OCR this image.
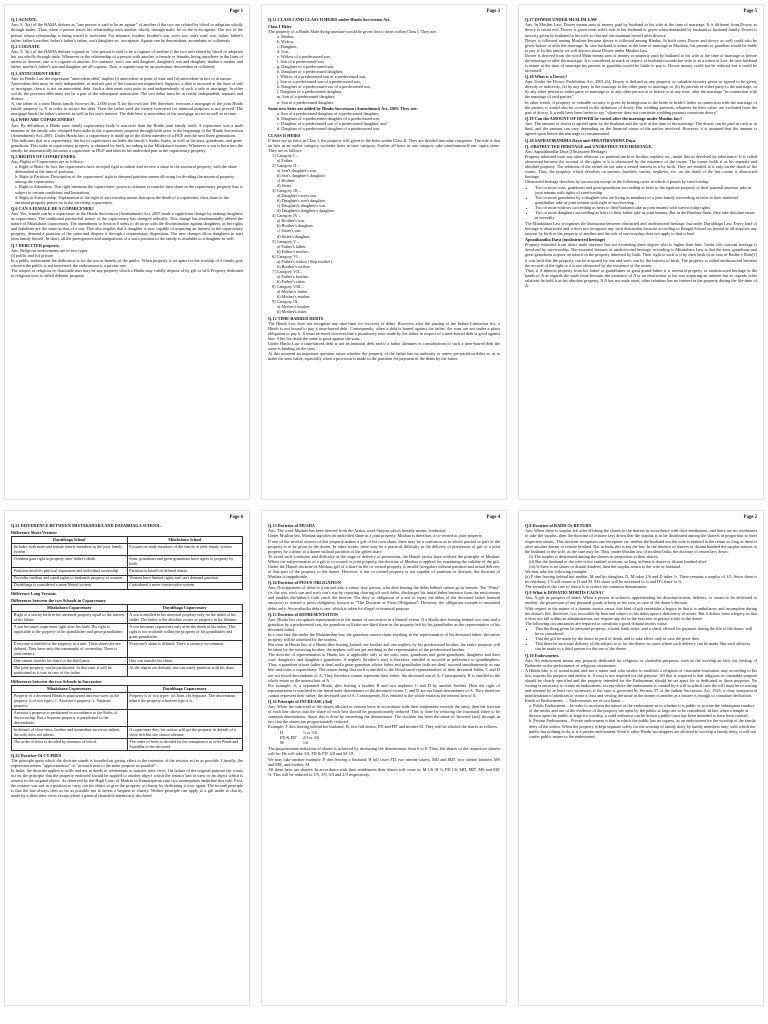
Page 1
Q.1 AGNATE.
Ans: S. 3(a) of the HAMA defines as "one person is said to be an agnate" of another if the two are related by blood or adoption wholly through males. Thus, when a person traces his relationship with another wholly through male, he or she is an agnate. The sex of the person whose relationship is being traced is irrelevant. For instance, brother, brother's son, son's son, son's sons' son, father, father's father, father's mother, father's father's father, son's daughter etc. are agnate. Agnate can be descendants, ascendants or collaterals.
Q.2 COGNATE
Ans: S. 3(c) of the HAMA defines cognate as "one person is said to be a cognate of another if the two are related by blood or adoption but not wholly through male. Whenever in the relationship of a person with another, a female or females living anywhere in the lines of ascent or descent, one is a cognate to another. For instance, son's son and daughter, daughter's son and daughter, mother's mother and father, mother's father's son and daughter are all cognate. Thus, a cognate may be an ascendant, descendant or collateral.
Q.3 ANTECEDENT DEBT
Ans: In Hindu Law the expression "antecedent debt" implies (i) antecedent in point of time and (ii) antecedent in fact or in nature.
Antecedent debt must be truly independent, of and not part of the transaction impeached. Suppose, a debt is incurred at the time of sale or mortgage, then it is not an antecedent debt. Such a debt must exist prior to and independently of such a sale or mortgage. In other words, the previous debt must not be a part of the subsequent transaction. The two debts must be in reality independent, separate and distinct.
A, the father of a joint Hindu family borrows Rs. 2,000 from X for his own use. He, therefore, executes a mortgage of the joint Hindu family property to X in order to secure the debt. Then the father sued the money borrowed for immoral purposes is not proved. The mortgage binds the father's interest as well as his son's interest. The debt here is antecedent of the mortgage in fact as well as in time.
Q.4 WHO ARE COPARCENERS?
Ans: By definition, a Hindu joint family coparcenary body is narrower than the Hindu joint family itself. A coparcener was a male member of the family who obtained their stake in the coparcenary property through birth prior to the beginning of the Hindu Succession (Amendment) Act, 2005. Under Hindu law, a coparcenary is made up of the oldest member of a HUF and the next three generations.
This indicates that in a coparcenary, the list of coparceners includes the family's leader, Karta, as well as his sons, grandsons, and great-grandsons. This stake in coparcenary property is obtained by birth, according to the Mitakshara system. Whenever a son is born into the family, he automatically becomes a coparcener in HUF and inherits his undivided part in the coparcenary property.
Q.5 RIGHTS OF COPARCENERS.
Ans: Rights of Coparceners are as follows:
a. Right to Share: In fact, the coparceners have an equal right to inherit and receive a share in the ancestral property, with the share determined at the time of partition.
b. Right to Partition: Description of the coparceners' right to demand partition means allowing for dividing the ancestral property among the coparceners.
c. Right to Alienation: This right mentions the coparceners' power to alienate or transfer their share in the coparcenary property that is subject to certain conditions and limitations.
d. Right to Survivorship: Explanation of the right of survivorship means that upon the death of a coparcener, their share in the ancestral property passes on to the surviving coparceners.
Q.6 CAN A FEMALE BE A COPARCENER?
Ans: Yes, female can be a coparcener as the Hindu Succession (Amendment) Act, 2005 made a significant change by making daughters as coparceners. The traditional patriarchal nature of the coparcenary has changed radically. This change has fundamentally altered the nature of Mitakshara coparcenary. The amendment to Section 6 seeks to do away with the discrimination against daughters, as her rights and liabilities are the same as that of a son. This also implies that a daughter is now capable of acquiring an interest in the coparcenary property, demand a partition of the same and dispose it through a testamentary disposition. The new changes allow daughters to start joint family herself. In short, all the prerogatives and antiquations of a son's position in the family is available to a daughter as well.
Q.7 DEBUTTER property.
Ans: Religious endowments are of two types:
(i) public and (ii) private.
In a public endowment the dedication is for the use or benefit of the public. When property is set apart for the worship of a family god, wherein the public is not interested, the endowment is a private one.
The subject of religious or charitable user may be any property which a Hindu may validly dispose of by gift or will. Property dedicated to religious uses is called debutter property.
Page 3
Q.11 CLASS I AND CLASS II HEIRS under Hindu Succession Act.
Class I Heirs
The property of a Hindu Male dying intestate would be given first to heirs within Class I. They are:
a. Mother,
b. Widow,
c. Daughter,
d. Son,
e. Widow of a predeceased son,
f. Son of a predeceased son,
g. Daughter of a predeceased son,
h. Daughter of a predeceased daughter,
i. Widow of a predeceased son of a predeceased son,
j. Son of a predeceased son of a predeceased son,
k. Daughter of a predeceased son of a predeceased son,
l. Daughter of a predeceased daughter,
m. Son of a predeceased daughter,
n. Son of a predeceased daughter.
Some new heirs are added by Hindu Succession (Amendment) Act, 2005. They are:
a. Son of a predeceased daughter of a predeceased daughter,
b. Daughter of a predeceased daughter of a predeceased son,
c. Daughter of a predeceased son of a predeceased daughter, and
d. Daughter of a predeceased daughter of a predeceased son.
CLASS II HEIRS
If there are no heirs in Class I, the property will given to the heirs within Class II. They are divided into nine categories. The rule is that an heir in an earlier category excludes heirs in later category. Further all heirs in one category take simultaneously per capita share. They are as follows:
1] Category I –
a) Father.
2] Category II –
a) Son's daughter's son.
b) Son's daughter's daughter.
c) Brother.
d) Sister.
3] Category III –
a) Daughter's son's son.
b) Daughter's son's daughter.
c) Daughter's daughter's son.
d) Daughter's daughter's daughter.
4] Category IV –
a) Brother's son.
b) Brother's daughter.
c) Sister's son.
d) Sister's daughter.
5] Category V –
a) Father's father.
b) Father's mother.
6] Category VI –
a) Father's widow [Step mother].
b) Brother's widow.
7] Category VII –
a) Father's brother.
b) Father's sister.
8] Category VIII –
a) Mother's father.
b) Mother's mother.
9] Category IX
a) Mother's brother.
b) Mother's sister.
Q.12 TIME-BARRED DEBTS
The Hindu Law does not recognize any time-limit for recovery of debts. However, after the passing of the Indian Limitation Act, a Hindu is not bound to pay a time-barred debt. Consequently, when a debt is barred against the father, the sons are not under a pious obligation to pay it. It must be noted however that a promissory note made by the father in respect of a time-barred debt is good against him. After his death the same is good against the sons.
Under Hindu Law a time-barred debt is not an immoral debt and if a father alienates in consideration of such a time-barred debt the same is binding on the sons.
At this moment an important question arises whether the property of the father has no authority to renew pre-partition debts so as to make the sons liable, especially when a provision is made in the partition for payment of the debts by the father.
Page 5
Q.17 DOWER UNDER MUSLIM LAW
Ans: In Muslim Law, Dower means sum of money paid by husband to his wife at the time of marriage. It is different from Dowry as dowry is social evil. Dower is given from wife's side to her husband or given when demanded by husband or husband family. Dower is security given by husband to his wife so that she can maintain herself after divorce.
Dower is followed among Muslims because dower is followed among Hindus. In both cases Dower and dowry as well could also be given before or after the marriage. In case husband is minor at the time of marriage in Muslims, his parents or guardian would be liable to pay it. In this article we will discuss about Dower under Muslim Law.
Dower is derived from the word Mahr means sum of money or property paid by husband to his wife at the time of marriage or before the marriage or after the marriage. It is considered as mark of respect of husband towards her wife or as a token of love. In case husband is minor at the time of marriage his parents or guardian would be liable to pay it. Dower money could not be reduced but it could be increased.
Q.18 What is a Dowry?
Ans: Under the Dowry Prohibition Act, 1961 (6), Dowry is defined as any property or valuable security given or agreed to be given, directly or indirectly, (a) by any party to the marriage to the other party to marriage, or (b) by parents of either party to the marriage, or by any other person to either party to marriage or to any other person at or before or at any time, after the marriage "in connection with the marriage of said parties."
In other words, if property or valuable security is given by bridegroom to the bride or bride's father in connection with the marriage of the parties, it would also be covered in the definition of dowry. But wedding presents, whatever be their value, are excluded from the part of dowry. It would have been better to say "whatever does not constitute wedding presents constitute dowry".
Q.19 Can the AMOUNT OF DOWER be varied after the marriage under Muslim law?
Ans: The amount of dower is agreed upon by the husband and the wife at the time of the marriage. The dower can be paid in cash or in kind, and the amount can vary depending on the financial status of the parties involved. However, it is assumed that the amount is agreed upon before the marriage is consummated.
Q.20 SAPRATIBANDHA Daya and APRATIBANDHA Daya.
Q. OBSTRUCTED HERITAGE and UNOBSTRUCTED HERITAGE.
Ans: Sapratibandha Daya (Obstructed Heritage)
Property inherited from any other relations i.e. paternal uncle or brother, nephew etc., under this in devolved by inheritance. It is called obstructed because the accrual of the rights to it is obstructed by the existence of the owner. The owner holds it as his separate and absolute property. The relations of the owner do not take a vested interest in it by birth. They are entitled to it only on the death of the owner. Thus, the property which devolves on parents, brothers, uncles, nephews, etc. on the death of the last owner is obstructed heritage.
Obstructed heritage devolves by succession except in the following cases in which it passes by survivorship.
• Two or more sons, grandsons and great-grandsons succeeding as heirs to the separate property of their paternal ancestor take as joint tenants with rights of survivorship.
• Two or more grandsons by a daughter who are living as members of a joint family succeeding as heirs to their maternal grandfather take as joint tenants with right of survivorship.
• Two or more widows succeeding as heirs to their husband take as joint tenants with survivorship rights.
• Two or more daughters succeeding as heirs to their father take as joint tenants. But in the Bombay State, they take absolute estate in severalty.
The Mitakshara Law recognizes the distinction between obstructed and unobstructed heritage, but under Dayabhaga Law. Every kind of heritage is obstructed and it does not recognize any such distinction because according to Bengal School no person at all acquires any interest by birth in the property of another and the rule of survivorship does not apply to that school.
Apratibandha Daya (unobstructed heritage)
Property inherited from direct male ancestor but not exceeding three degree who is higher than him. Under this concept heritage is devolved by survivorship. The essential features of unobstructed heritage, according to Mitakshara Law is that the sons, grandsons and great-grandsons acquire an inherit in the property inherited by birth. Their right to such is it by their birth in as case of Radhe v Ram[1] it was held that the property can be acquired by son and son's son by the interest of birth. The property is called unobstructed because the accrual of the right to it is not obstructed by the existence of the owner.
Thus, if A inherits property from his father or grandfather or great grand-father it is ancestral property or unobstructed heritage in the hands of A as regards the male issue because the existence of A is no obstruction to his son acquiring an interest but as regards other relations he hold it as his absolute property. If A has not male issue, other relations has no interest in the property during the life-time of A.
Page 6
Q.21 DIFFERENCE BETWEEN MISTAKSHARA AND DAYABHAGA SCHOOL.
Difference Short Version:
Dayabhaga School	Mitakshara School
Includes both male and female family members in the joint family system	Focuses on male members of the family in joint family system
Children gain right to property after father's death	Sons, grandsons and great-grandsons have rights to property by birth
Partition involves physical separation and individual ownership	Partition is based on defined shares
Provides stridhan and equal rights to husbands property to women	Women have limited rights and can't demand partition
Dayabhaga is considered a more liberal system	Considered a more conservative system
Difference Long Version:
Differences between the two Schools in Coparcenary
Mitakshara Coparcenary	Dayabhaga Coparcenary
Right of a son by birth in the ancestral property equal to the interest of his father.	A son is entitled to his ancestral property only on the death of his father. The father is the absolute owner of property in his lifetime.
A son becomes coparcener right after his birth. His right is applicable to the property of his grandfather and great-grandfather.	A son becomes coparcener only after the death of his father. This right is not available within the property of his grandfather and great-grandfather.
Everyone is entitled to the property as a unit. Their shares are not defined. They have only the community of ownership. There is joint tenancy.	Everyone's share is defined. There is tenancy-in-common.
One cannot transfer his share to the third party.	One can transfer his share.
The joint-property can be partitioned. In that case, it will be partitioned as it was in case of the father.	As the shares are defined, one can easily partition with his share.
Differences between the two Schools in Succession
Mitakshara Coparcenary	Dayabhaga Coparcenary
Property of a deceased Hindu is partitioned into two ways as the property is of two types: 1. Ancestor's property, 2. Separate property.	Property is of two types- (a) Joint, (b) Separate. The descendants inherit the property whatever type it is.
Ancestor's property is partitioned in accordance to the Rules of Survivorship. But a Separate property is partitioned to the descendants.	
In default of close heirs, brother and immediate survivors inherit, the wife does not inherit.	If coparcener dies, his widow will get the property in default of a close heir but she cannot alienate.
The order of heirs is decided by nearness of blood.	The order of heirs is decided by the competence to offer Pinda and Swaddha to the deceased.
Q.22 Doctrine Of CY-PRES
The principle upon which the doctrine stands is founded on giving effect to the intention of the testator as far as possible. Literally, the expression means "approximation" or "as much near to the main purpose as possible".
In India, the doctrine applies to wills and not to deeds or settlements or transfer inter vivos. On failure of the original purpose the courts act on the principle that the property endowed should be applied to another object which the testator had in view or an object which is nearest to the original object. As observed by the High Court of Madras in Kumaraperan case two assumptions underline this rule. First, the testator was not in a position to carry out his object to give the property to charity by dedicating it over again. The second principle is that the law always tries as far as possible not to defeat a bequest to charity. Neither principle can apply to a gift made to charity, made by a deed inter vivos except where a general charitable intention is disclosed.
Page 4
Q.13 Doctrine of MUSHA
Ans: The word Mushaa has been derived from the Arabic word Shuyua which literally means 'confusion'.
Under Muslim law, Mushaa signifies an undivided share in a joint property. Mushaa is therefore, a co-owned or joint property.
If one of the several owners of this property makes a gift of his own share, there may be a confusion as to which portion or part of the property is to be given to the donee. In other words, there may be a practical difficulty in the delivery of possession of gift of a joint property by a donor to a donee without partition of the gifted share.
To avoid such confusion and difficulty at the stage of delivery of possession, the Hanafi jurists have evolved the principle of Mushaa. Where the subject-matter of a gift is co-owned or joint property, the doctrine of Mushaa is applied for examining the validity of the gift. Under the Hanafi doctrine of Mushaa, gift of a share in the co-owned property is invalid (irregular) without partition and actual delivery of that part of the property to the donee. However, if the co-owned property is not capable of partition or division, the doctrine of Mushaa is inapplicable.
Q.14 Doctrine of PIOUS OBLIGATION
Ans: Non-payment of debts is a sin and also a crime. Any person, who died leaving the debts behind cannot go to heaven. The "Putra" i.e. the son, son's son and son's son's son by repaying clearing off such debts, discharges his initial father/ancestor from the misfortunes and enables the/father/s forth reach the heaven. The duty or obligation of a son to repay the debts of the deceased father (natural ancestor) is termed a pious obligation, known as "The Doctrine of Pious Obligation". However, the obligation extends to untainted debts only. Avyavaharika debt is one, which is taken for illegal or immoral purpose.
Q.15 Doctrine of REPRESENTATION
Ans: Hindu law recognizes representation in the matter of succession in a limited extent. If a Hindu dies leaving behind two sons and a grandson by a predeceased son, the grandson will take one-third share in the property left by his grandfather as the representative of his deceased father.
In a case like this under the Mahomedan law, the grandson cannot claim anything as the representative of his deceased father; the entire property will be inherited by the sonless.
But even in Hindu law, if a Hindu dies leaving behind one brother and one nephew by his predeceased brother, the entire property will be taken by the surviving brother; the nephew will not get anything as the representative of the predeceased brother.
The doctrine of representation in Hindu law is applicable only to the sons, sons, grandsons and great-grandsons, daughters and their sons' daughter's and daughter's grandsons. A nephew (brother's son) is therefore, entitled to succeed in preference to grandnephew. Thus, a grandson whose father is dead and a great-grandson whose father and grandfather both are dead, succeed simultaneously as one heir and form a coparcenary. The reason being that each is entitled to the blood-tamil representatives of their deceased father. C and D are not blood descendants of A. They therefore cannot represent their father, the deceased son of A. Consequently, B is entitled to the whole estate as the nearest heir of A.
For example, A, a separated Hindu, dies leaving a brother B and two nephews C and D by another brother. Here the right of representation is confined to the lineal male descendants of the deceased owner. C and D are not lineal descendants of A. They therefore cannot represent their father, the deceased son of A. Consequently, B is entitled to the whole estate as the nearest heir of A.
Q.16 Principle of INCREASE (Aul)
Ans: When the sum total of the shares allotted to various heirs in accordance with their entitlement exceeds the unity, then the fraction of each heir shows that the share of each heir should be proportionately reduced. This is done by reducing the fractional share to be common denominator. Since this is done by increasing the denominator. The doctrine has been the name of 'increase (aul)' through in fact that the shares are proportionately reduced.
Example: F dies leaving behind her husband, H, two full sisters, FD and FD' and mother M. They will be allotted the shares as follows:
H	½ or 3/6
FD & FD'	2/3 or 4/6
M	1/6
The proportionate reduction of shares is achieved by increasing the denominator from 6 to 8. Thus, the shares of the respective sharers will be: He will take 3/8, FD & FD' 4/8 and M 1/8.
We may take another example: P dies leaving a husband, H full sister FD, two uterine sisters, MD and MD', two uterine brothers MS and MS', and mother, M.
All these heirs are sharers. In accordance with their entitlement their shares will come to: M 1/6, H ½, FD 1/6, MD, MD', MS and MS' ⅓. This will be reduced to 1/9, 3/9, 3/3 and 2/9 respectively.
Page 2
Q.8 Doctrine of RADD Or RETURN
Ans: When there is surplus left after allotting the shares to the sharers in accordance with their entitlement, and there are no residuaries to take the surplus, then the doctrine of relative lays down that the surplus is to be distributed among the sharers in proportion to their respective shares. This doctrine recognizes one exception viz. neither the husband nor the wife is entitled to the return so long as there is alive another distant or remote kindred. But in India this is not the law. In the absence of sharers or distant kindred the surplus returns to the husband or the wife, as the case may be. Thus, under Muslim law of modern India, the doctrine of return lays down:
(i) The surplus is distributed among the sharers in proportion to their shares,
(ii) But the husband or the wife is not entitled to return, so long as there is sharer or distant kindred alive.
(iii) If there is no sharer or distant kindred, then the surplus return to the wife or husband.
We may take the following example:
(a) F dies leaving behind her mother, M and his daughter, D. M takes 1/6 and D takes ½. There remains a surplus of 1/3. Since there is no residuary 1/3 will return to D and M. M's share will be increased to ¼ and D's share to ¾.
The formula in the case of return is to reduce the common denominator.
Q.9 What is DONATIO MORTIS CAUSA?
Ans: A gift in prospect of death. When a person in sickness, apprehending his dissolution near, delivers, or causes to be delivered to another, the possession of any personal goods to keep as his own, in case of the donor's decease.
With respect to the nature of a donatio mortis causa, this kind of gift resembles a legacy in that it is ambulatory and incomplete during the donor's life; therefore, it is revocable by him and subject to his debts upon a deficiency of assets. But it differs from a legacy in that it does not fall within an administration, nor require any act in the executor to perfect a title in the donee.
The following circumstances are required to constitute a good donatio mortis causa:
• That the thing given be personal property; a bond, bank notes, and a check offered for payment during the life of the donor, will be so considered.
• That the gift be made by the donor in peril of death, and to take effect only in case the giver dies.
• That there be an actual delivery of the subject to or for the donee, in cases where such delivery can be made. But such delivery can be made to a third person for the use of the donee.
Q.10 Endowments.
Ans: An endowment means any property dedicated for religious or charitable purposes, such as the worship an idol, the feeding of Brahmins or the performance of religious ceremonies.
A Hindu who is of sound mind, and not a minor and who wishes to establish a religious or charitable institution may according to his law, express his purpose and endow it. A trust is not required for the purpose. All that is required is that religious or charitable purpose should be clearly specified and the property intended for the Endowment should be set apart for or dedicated to those purposes. No writing is necessary to create an endowment, except where the endowment is created by a will in which case the will must be in writing and attested by at least two witnesses; if the case is governed by Section 57 of the Indian Succession Act, 1925, a clear unequivocal manifestation of intention to create a trust and vesting the same in the donee or another as a trustee is enough to constitute dedication.
Kinds of Endowments → Endowments are of two kinds –
a. Public Endowment – In order to ascertain the nature of the endowment as to whether it is public or private the subsequent conduct of the settlor and use of the evidence of the property are open by the public at large are to be considered. In fact when a temple is thrown open the public at large for worship, a valid inference can be drawn a public trust has been intended to have been created.
b. Private Endowment – Private endowment is that in which the public has no ingress, as an endowment for the worship of the family deity of the settlor. When the property is kept separate solely for the worship of family deity by family members only, with which the public has nothing to do, it is a private endowment. Even if other Hindu worshippers are allowed to worship a family deity, it will not confer public nature to the endowment.
